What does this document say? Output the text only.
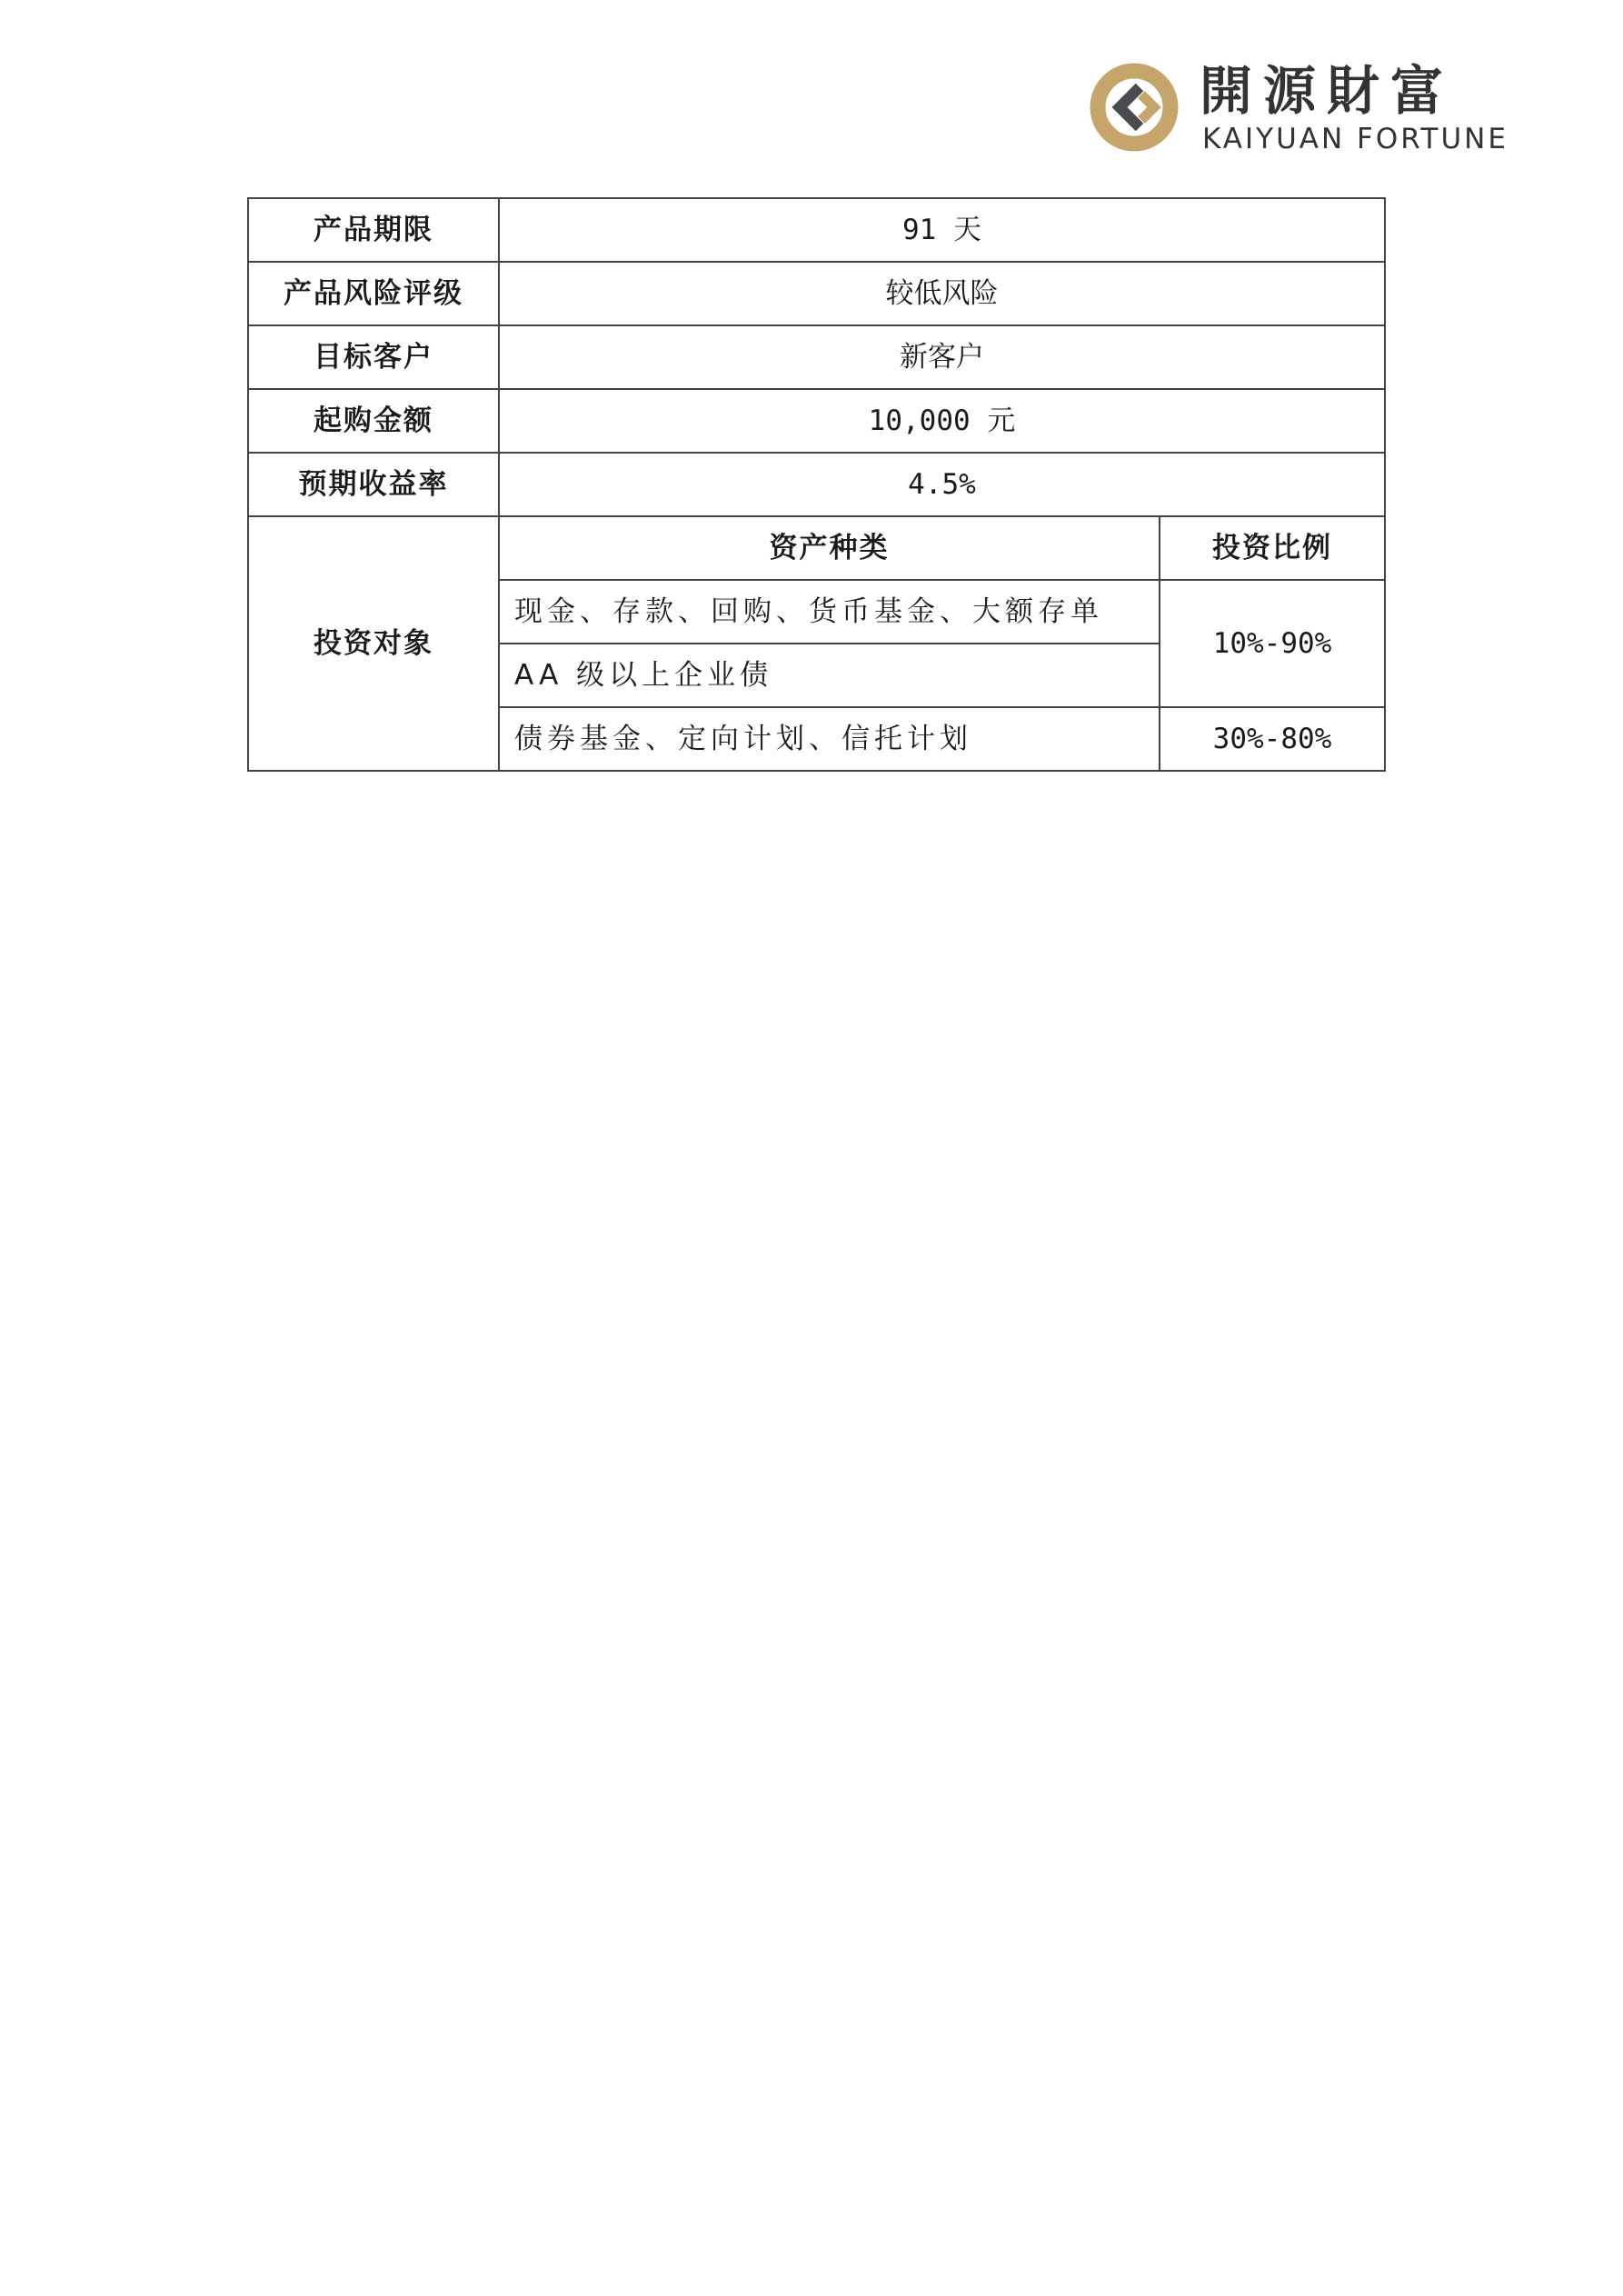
開源財富
KAIYUAN FORTUNE
产品期限	91 天	
产品风险评级	较低风险	
目标客户	新客户	
起购金额	10,000 元	
预期收益率	4.5%	
投资对象	资产种类	投资比例
	现金、存款、回购、货币基金、大额存单	10%-90%
	AA 级以上企业债	
	债券基金、定向计划、信托计划	30%-80%
